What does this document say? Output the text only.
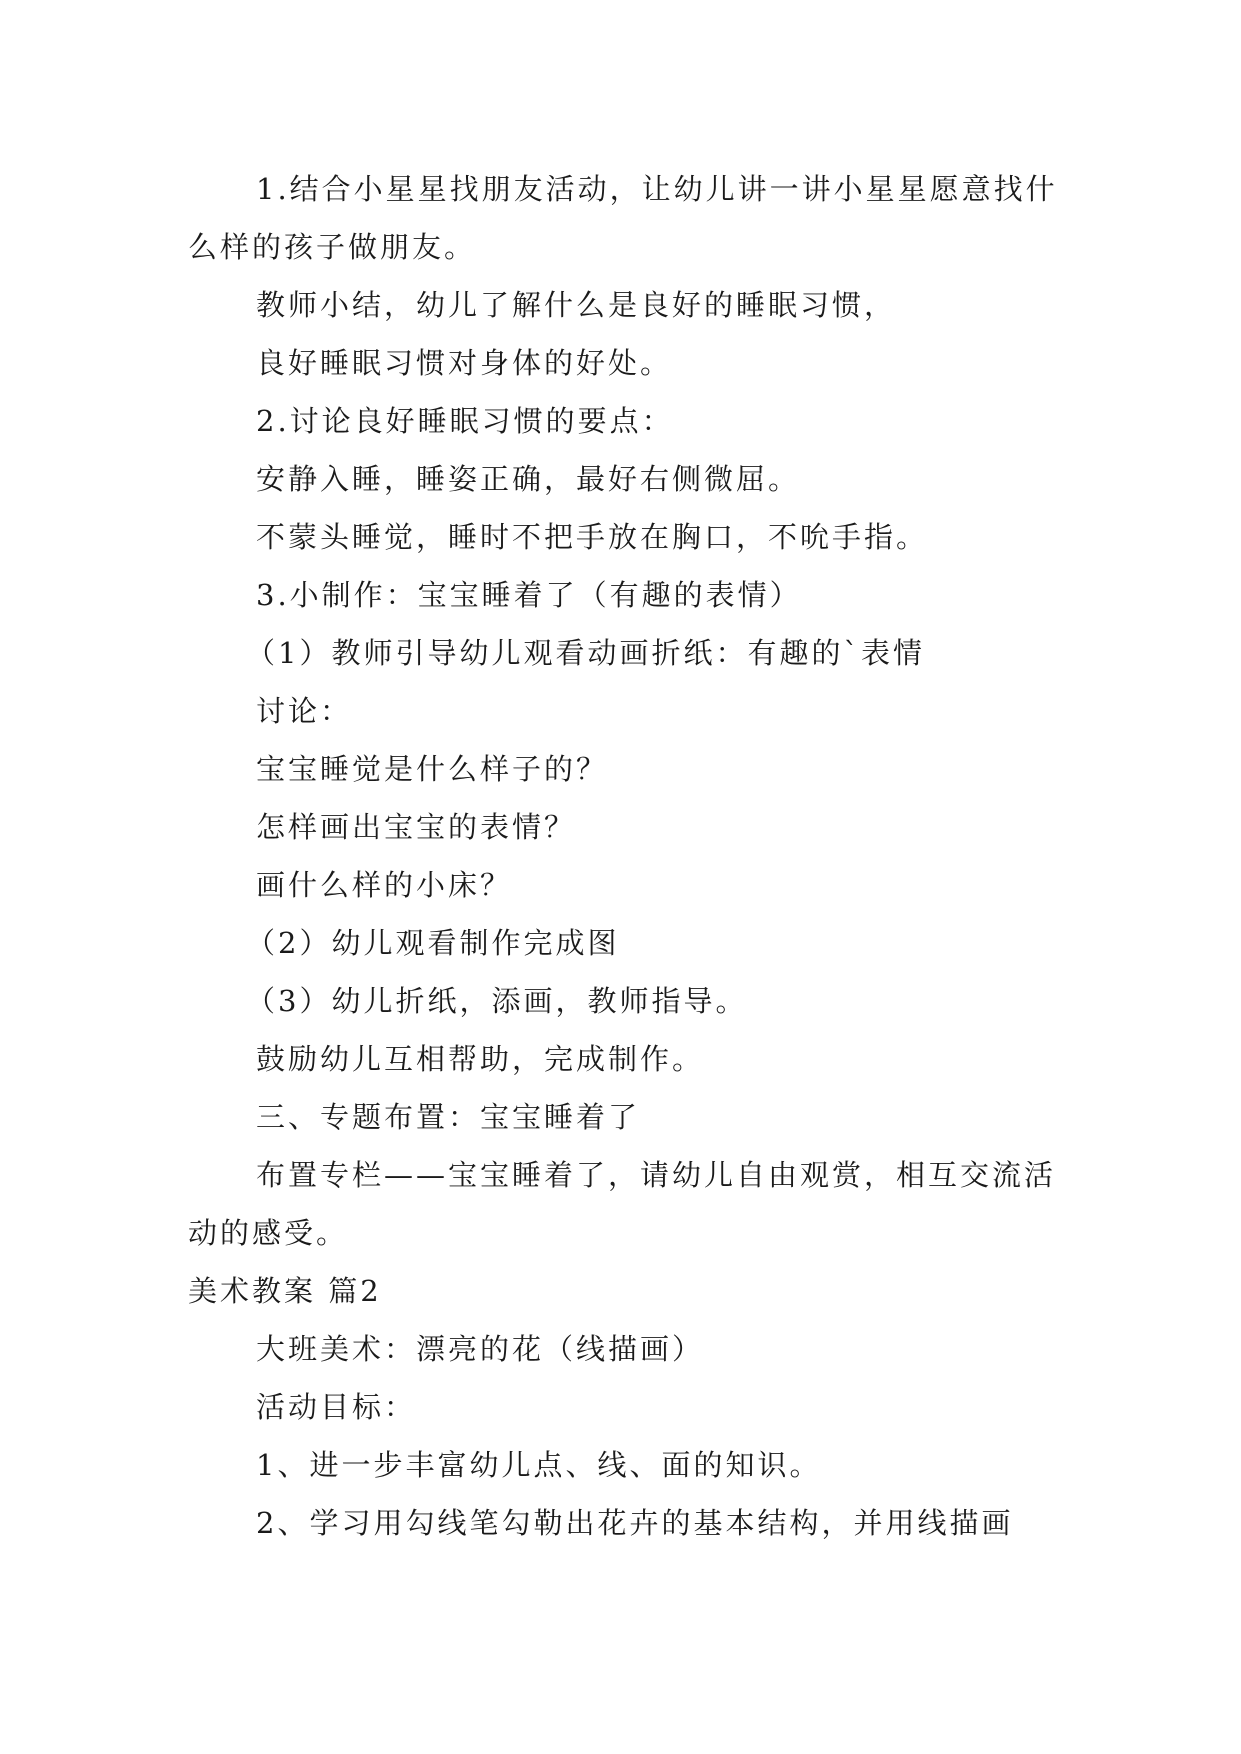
1.结合小星星找朋友活动，让幼儿讲一讲小星星愿意找什么样的孩子做朋友。

教师小结，幼儿了解什么是良好的睡眠习惯，

良好睡眠习惯对身体的好处。

2.讨论良好睡眠习惯的要点：

安静入睡，睡姿正确，最好右侧微屈。

不蒙头睡觉，睡时不把手放在胸口，不吮手指。

3.小制作：宝宝睡着了（有趣的表情）

（1）教师引导幼儿观看动画折纸：有趣的`表情

讨论：

宝宝睡觉是什么样子的？

怎样画出宝宝的表情？

画什么样的小床？

（2）幼儿观看制作完成图

（3）幼儿折纸，添画，教师指导。

鼓励幼儿互相帮助，完成制作。

三、专题布置：宝宝睡着了

布置专栏——宝宝睡着了，请幼儿自由观赏，相互交流活动的感受。

美术教案 篇2

大班美术：漂亮的花（线描画）

活动目标：

1、进一步丰富幼儿点、线、面的知识。

2、学习用勾线笔勾勒出花卉的基本结构，并用线描画
